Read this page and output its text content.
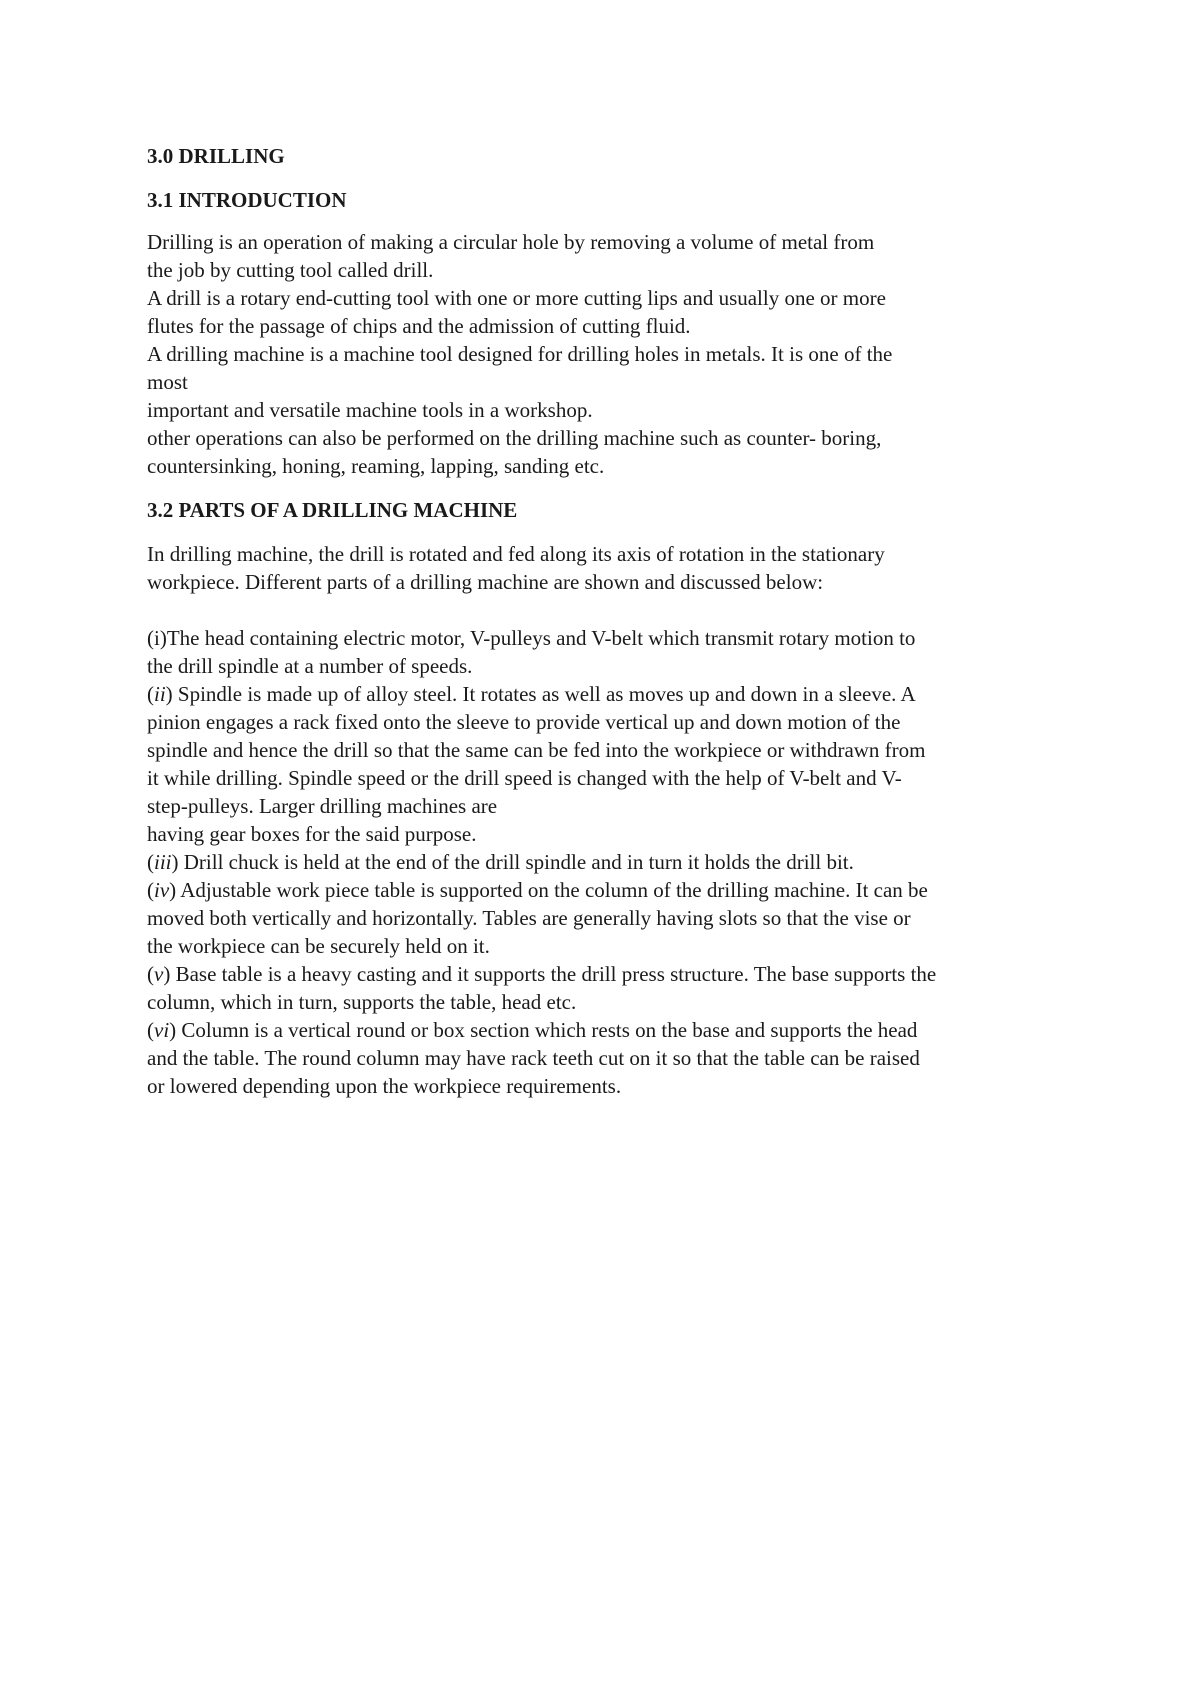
3.0 DRILLING
3.1 INTRODUCTION
Drilling is an operation of making a circular hole by removing a volume of metal from
the job by cutting tool called drill.
A drill is a rotary end-cutting tool with one or more cutting lips and usually one or more
flutes for the passage of chips and the admission of cutting fluid.
A drilling machine is a machine tool designed for drilling holes in metals. It is one of the
most
important and versatile machine tools in a workshop.
other operations can also be performed on the drilling machine such as counter- boring,
countersinking, honing, reaming, lapping, sanding etc.
3.2 PARTS OF A DRILLING MACHINE
In drilling machine, the drill is rotated and fed along its axis of rotation in the stationary
workpiece. Different parts of a drilling machine are shown and discussed below:
(i)The head containing electric motor, V-pulleys and V-belt which transmit rotary motion to
the drill spindle at a number of speeds.
(ii) Spindle is made up of alloy steel. It rotates as well as moves up and down in a sleeve. A
pinion engages a rack fixed onto the sleeve to provide vertical up and down motion of the
spindle and hence the drill so that the same can be fed into the workpiece or withdrawn from
it while drilling. Spindle speed or the drill speed is changed with the help of V-belt and V-
step-pulleys. Larger drilling machines are
having gear boxes for the said purpose.
(iii) Drill chuck is held at the end of the drill spindle and in turn it holds the drill bit.
(iv) Adjustable work piece table is supported on the column of the drilling machine. It can be
moved both vertically and horizontally. Tables are generally having slots so that the vise or
the workpiece can be securely held on it.
(v) Base table is a heavy casting and it supports the drill press structure. The base supports the
column, which in turn, supports the table, head etc.
(vi) Column is a vertical round or box section which rests on the base and supports the head
and the table. The round column may have rack teeth cut on it so that the table can be raised
or lowered depending upon the workpiece requirements.
